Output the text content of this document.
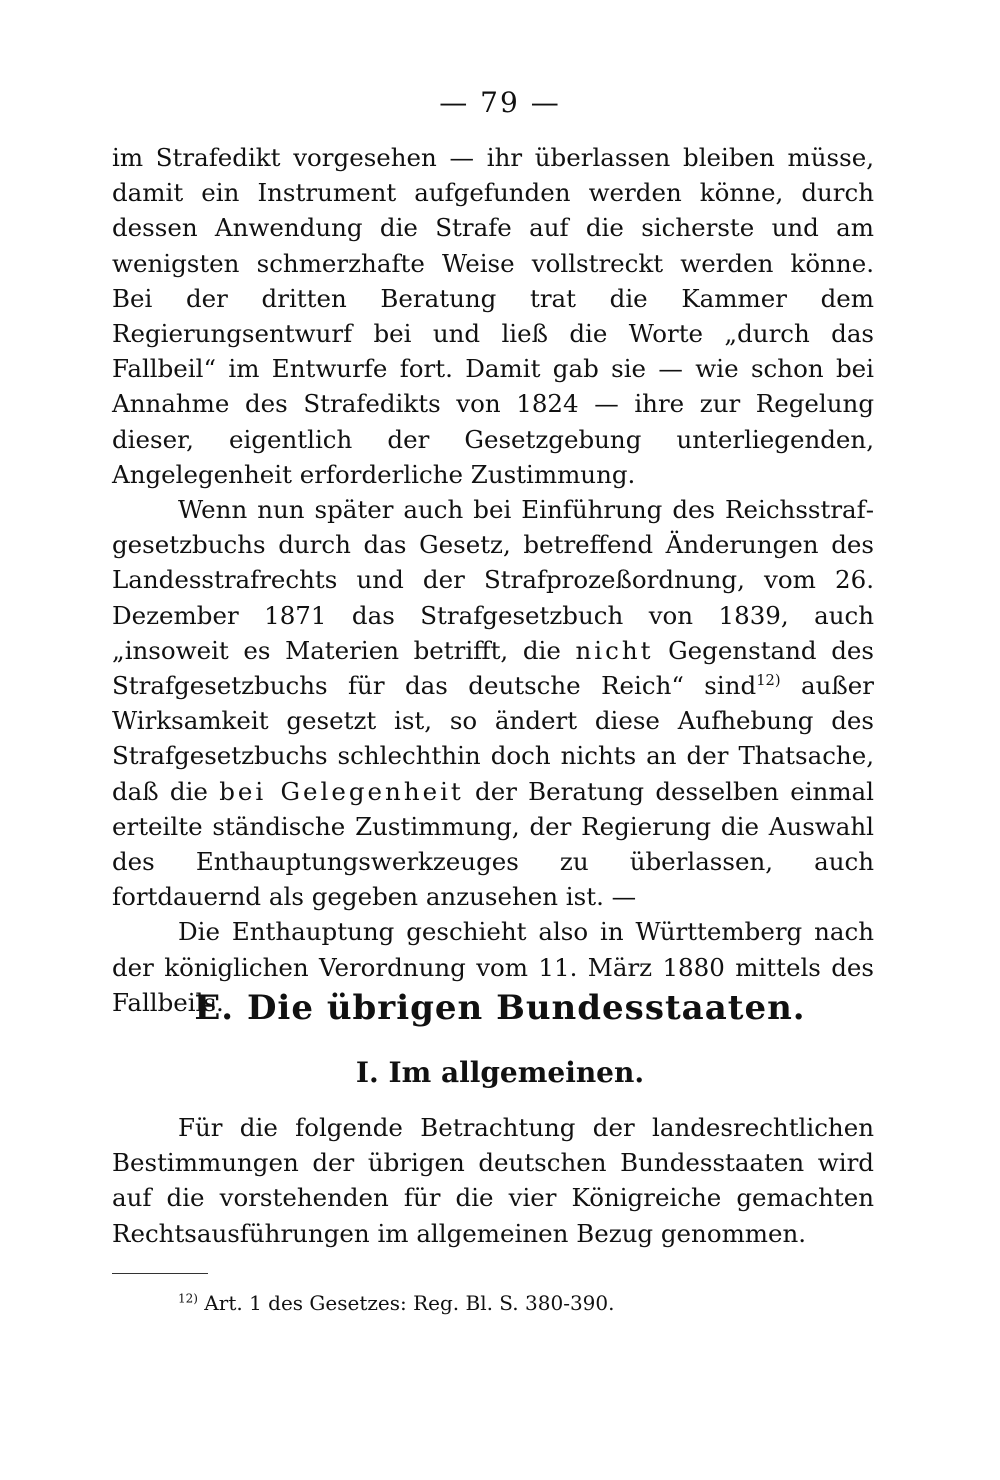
— 79 —

im Strafedikt vorgesehen — ihr überlassen bleiben müsse, damit ein Instrument aufgefunden werden könne, durch dessen Anwendung die Strafe auf die sicherste und am wenigsten schmerzhafte Weise vollstreckt werden könne. Bei der dritten Beratung trat die Kammer dem Regierungsentwurf bei und ließ die Worte „durch das Fallbeil“ im Entwurfe fort. Damit gab sie — wie schon bei Annahme des Strafedikts von 1824 — ihre zur Regelung dieser, eigentlich der Gesetzgebung unterliegenden, Angelegenheit erforderliche Zustimmung.

Wenn nun später auch bei Einführung des Reichsstrafgesetzbuchs durch das Gesetz, betreffend Änderungen des Landesstrafrechts und der Strafprozeßordnung, vom 26. Dezember 1871 das Strafgesetzbuch von 1839, auch „insoweit es Materien betrifft, die nicht Gegenstand des Strafgesetzbuchs für das deutsche Reich“ sind$^{12)}$ außer Wirksamkeit gesetzt ist, so ändert diese Aufhebung des Strafgesetzbuchs schlechthin doch nichts an der Thatsache, daß die bei Gelegenheit der Beratung desselben einmal erteilte ständische Zustimmung, der Regierung die Auswahl des Enthauptungswerkzeuges zu überlassen, auch fortdauernd als gegeben anzusehen ist. —

Die Enthauptung geschieht also in Württemberg nach der königlichen Verordnung vom 11. März 1880 mittels des Fallbeils.

E. Die übrigen Bundesstaaten.
I. Im allgemeinen.

Für die folgende Betrachtung der landesrechtlichen Bestimmungen der übrigen deutschen Bundesstaaten wird auf die vorstehenden für die vier Königreiche gemachten Rechtsausführungen im allgemeinen Bezug genommen.

$^{12)}$ Art. 1 des Gesetzes: Reg. Bl. S. 380-390.
